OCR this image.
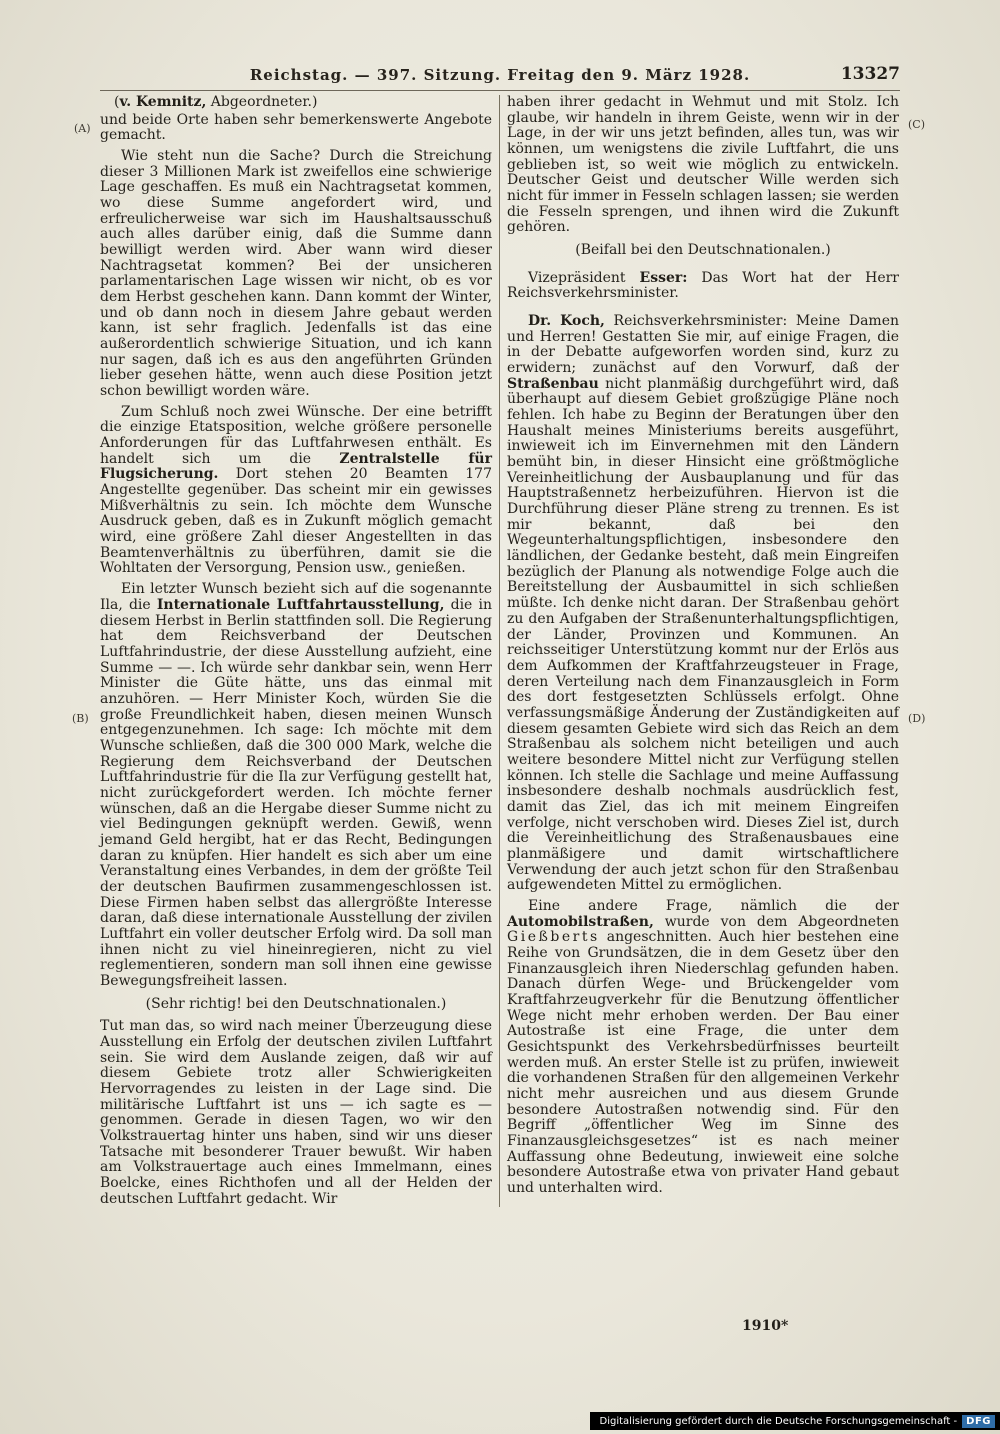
Reichstag. — 397. Sitzung. Freitag den 9. März 1928.	13327
(A)
(B)
(C)
(D)

(v. Kemnitz, Abgeordneter.)

und beide Orte haben sehr bemerkenswerte Angebote gemacht.

Wie steht nun die Sache? Durch die Streichung dieser 3 Millionen Mark ist zweifellos eine schwierige Lage geschaffen. Es muß ein Nachtragsetat kommen, wo diese Summe angefordert wird, und erfreulicherweise war sich im Haushaltsausschuß auch alles darüber einig, daß die Summe dann bewilligt werden wird. Aber wann wird dieser Nachtragsetat kommen? Bei der unsicheren parlamentarischen Lage wissen wir nicht, ob es vor dem Herbst geschehen kann. Dann kommt der Winter, und ob dann noch in diesem Jahre gebaut werden kann, ist sehr fraglich. Jedenfalls ist das eine außerordentlich schwierige Situation, und ich kann nur sagen, daß ich es aus den angeführten Gründen lieber gesehen hätte, wenn auch diese Position jetzt schon bewilligt worden wäre.

Zum Schluß noch zwei Wünsche. Der eine betrifft die einzige Etatsposition, welche größere personelle Anforderungen für das Luftfahrwesen enthält. Es handelt sich um die Zentralstelle für Flugsicherung. Dort stehen 20 Beamten 177 Angestellte gegenüber. Das scheint mir ein gewisses Mißverhältnis zu sein. Ich möchte dem Wunsche Ausdruck geben, daß es in Zukunft möglich gemacht wird, eine größere Zahl dieser Angestellten in das Beamtenverhältnis zu überführen, damit sie die Wohltaten der Versorgung, Pension usw., genießen.

Ein letzter Wunsch bezieht sich auf die sogenannte Ila, die Internationale Luftfahrtausstellung, die in diesem Herbst in Berlin stattfinden soll. Die Regierung hat dem Reichsverband der Deutschen Luftfahrindustrie, der diese Ausstellung aufzieht, eine Summe — —. Ich würde sehr dankbar sein, wenn Herr Minister die Güte hätte, uns das einmal mit anzuhören. — Herr Minister Koch, würden Sie die große Freundlichkeit haben, diesen meinen Wunsch entgegenzunehmen. Ich sage: Ich möchte mit dem Wunsche schließen, daß die 300 000 Mark, welche die Regierung dem Reichsverband der Deutschen Luftfahrindustrie für die Ila zur Verfügung gestellt hat, nicht zurückgefordert werden. Ich möchte ferner wünschen, daß an die Hergabe dieser Summe nicht zu viel Bedingungen geknüpft werden. Gewiß, wenn jemand Geld hergibt, hat er das Recht, Bedingungen daran zu knüpfen. Hier handelt es sich aber um eine Veranstaltung eines Verbandes, in dem der größte Teil der deutschen Baufirmen zusammengeschlossen ist. Diese Firmen haben selbst das allergrößte Interesse daran, daß diese internationale Ausstellung der zivilen Luftfahrt ein voller deutscher Erfolg wird. Da soll man ihnen nicht zu viel hineinregieren, nicht zu viel reglementieren, sondern man soll ihnen eine gewisse Bewegungsfreiheit lassen.

(Sehr richtig! bei den Deutschnationalen.)

Tut man das, so wird nach meiner Überzeugung diese Ausstellung ein Erfolg der deutschen zivilen Luftfahrt sein. Sie wird dem Auslande zeigen, daß wir auf diesem Gebiete trotz aller Schwierigkeiten Hervorragendes zu leisten in der Lage sind. Die militärische Luftfahrt ist uns — ich sagte es — genommen. Gerade in diesen Tagen, wo wir den Volkstrauertag hinter uns haben, sind wir uns dieser Tatsache mit besonderer Trauer bewußt. Wir haben am Volkstrauertage auch eines Immelmann, eines Boelcke, eines Richthofen und all der Helden der deutschen Luftfahrt gedacht. Wir

haben ihrer gedacht in Wehmut und mit Stolz. Ich glaube, wir handeln in ihrem Geiste, wenn wir in der Lage, in der wir uns jetzt befinden, alles tun, was wir können, um wenigstens die zivile Luftfahrt, die uns geblieben ist, so weit wie möglich zu entwickeln. Deutscher Geist und deutscher Wille werden sich nicht für immer in Fesseln schlagen lassen; sie werden die Fesseln sprengen, und ihnen wird die Zukunft gehören.

(Beifall bei den Deutschnationalen.)

Vizepräsident Esser: Das Wort hat der Herr Reichsverkehrsminister.

Dr. Koch, Reichsverkehrsminister: Meine Damen und Herren! Gestatten Sie mir, auf einige Fragen, die in der Debatte aufgeworfen worden sind, kurz zu erwidern; zunächst auf den Vorwurf, daß der Straßenbau nicht planmäßig durchgeführt wird, daß überhaupt auf diesem Gebiet großzügige Pläne noch fehlen. Ich habe zu Beginn der Beratungen über den Haushalt meines Ministeriums bereits ausgeführt, inwieweit ich im Einvernehmen mit den Ländern bemüht bin, in dieser Hinsicht eine größtmögliche Vereinheitlichung der Ausbauplanung und für das Hauptstraßennetz herbeizuführen. Hiervon ist die Durchführung dieser Pläne streng zu trennen. Es ist mir bekannt, daß bei den Wegeunterhaltungspflichtigen, insbesondere den ländlichen, der Gedanke besteht, daß mein Eingreifen bezüglich der Planung als notwendige Folge auch die Bereitstellung der Ausbaumittel in sich schließen müßte. Ich denke nicht daran. Der Straßenbau gehört zu den Aufgaben der Straßenunterhaltungspflichtigen, der Länder, Provinzen und Kommunen. An reichsseitiger Unterstützung kommt nur der Erlös aus dem Aufkommen der Kraftfahrzeugsteuer in Frage, deren Verteilung nach dem Finanzausgleich in Form des dort festgesetzten Schlüssels erfolgt. Ohne verfassungsmäßige Änderung der Zuständigkeiten auf diesem gesamten Gebiete wird sich das Reich an dem Straßenbau als solchem nicht beteiligen und auch weitere besondere Mittel nicht zur Verfügung stellen können. Ich stelle die Sachlage und meine Auffassung insbesondere deshalb nochmals ausdrücklich fest, damit das Ziel, das ich mit meinem Eingreifen verfolge, nicht verschoben wird. Dieses Ziel ist, durch die Vereinheitlichung des Straßenausbaues eine planmäßigere und damit wirtschaftlichere Verwendung der auch jetzt schon für den Straßenbau aufgewendeten Mittel zu ermöglichen.

Eine andere Frage, nämlich die der Automobilstraßen, wurde von dem Abgeordneten Gießberts angeschnitten. Auch hier bestehen eine Reihe von Grundsätzen, die in dem Gesetz über den Finanzausgleich ihren Niederschlag gefunden haben. Danach dürfen Wege- und Brückengelder vom Kraftfahrzeugverkehr für die Benutzung öffentlicher Wege nicht mehr erhoben werden. Der Bau einer Autostraße ist eine Frage, die unter dem Gesichtspunkt des Verkehrsbedürfnisses beurteilt werden muß. An erster Stelle ist zu prüfen, inwieweit die vorhandenen Straßen für den allgemeinen Verkehr nicht mehr ausreichen und aus diesem Grunde besondere Autostraßen notwendig sind. Für den Begriff „öffentlicher Weg im Sinne des Finanzausgleichsgesetzes“ ist es nach meiner Auffassung ohne Bedeutung, inwieweit eine solche besondere Autostraße etwa von privater Hand gebaut und unterhalten wird.

1910*
Digitalisierung gefördert durch die Deutsche Forschungsgemeinschaft - DFG
